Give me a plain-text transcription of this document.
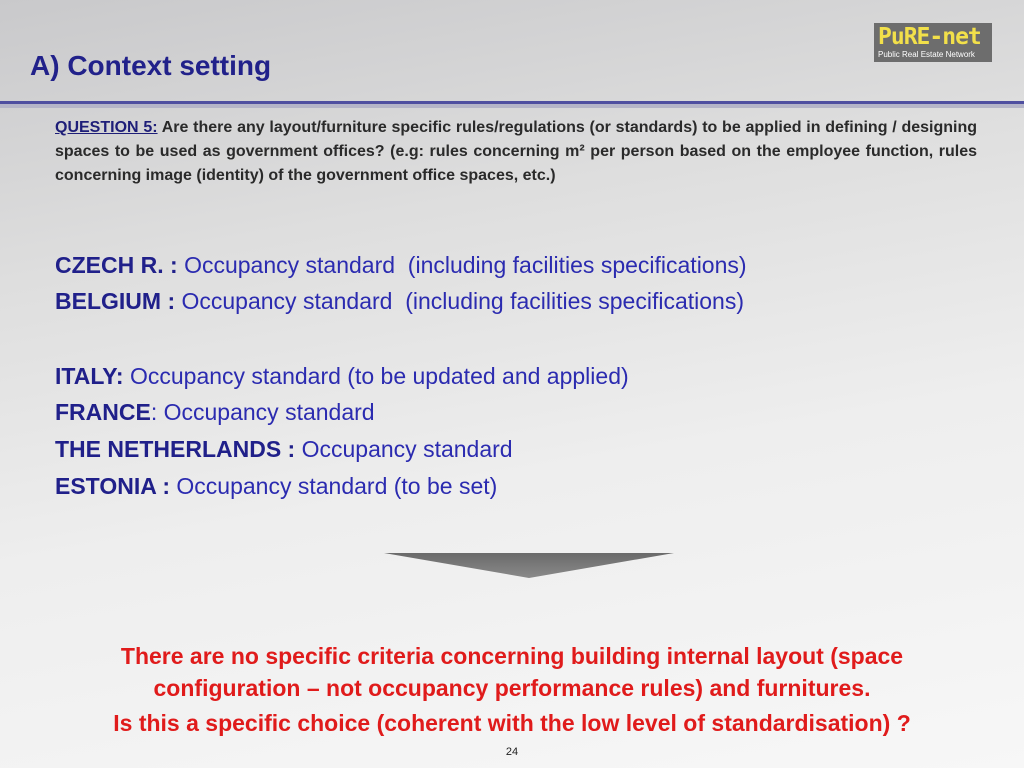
A) Context setting
PuRE-net
Public Real Estate Network

QUESTION 5: Are there any layout/furniture specific rules/regulations (or standards) to be applied in defining / designing spaces to be used as government offices? (e.g: rules concerning m² per person based on the employee function, rules concerning image (identity) of the government office spaces, etc.)

CZECH R. : Occupancy standard  (including facilities specifications)

BELGIUM : Occupancy standard  (including facilities specifications)

ITALY: Occupancy standard (to be updated and applied)

FRANCE: Occupancy standard

THE NETHERLANDS : Occupancy standard

ESTONIA : Occupancy standard (to be set)

There are no specific criteria concerning building internal layout (space
configuration – not occupancy performance rules) and furnitures.

Is this a specific choice (coherent with the low level of standardisation) ?

24
